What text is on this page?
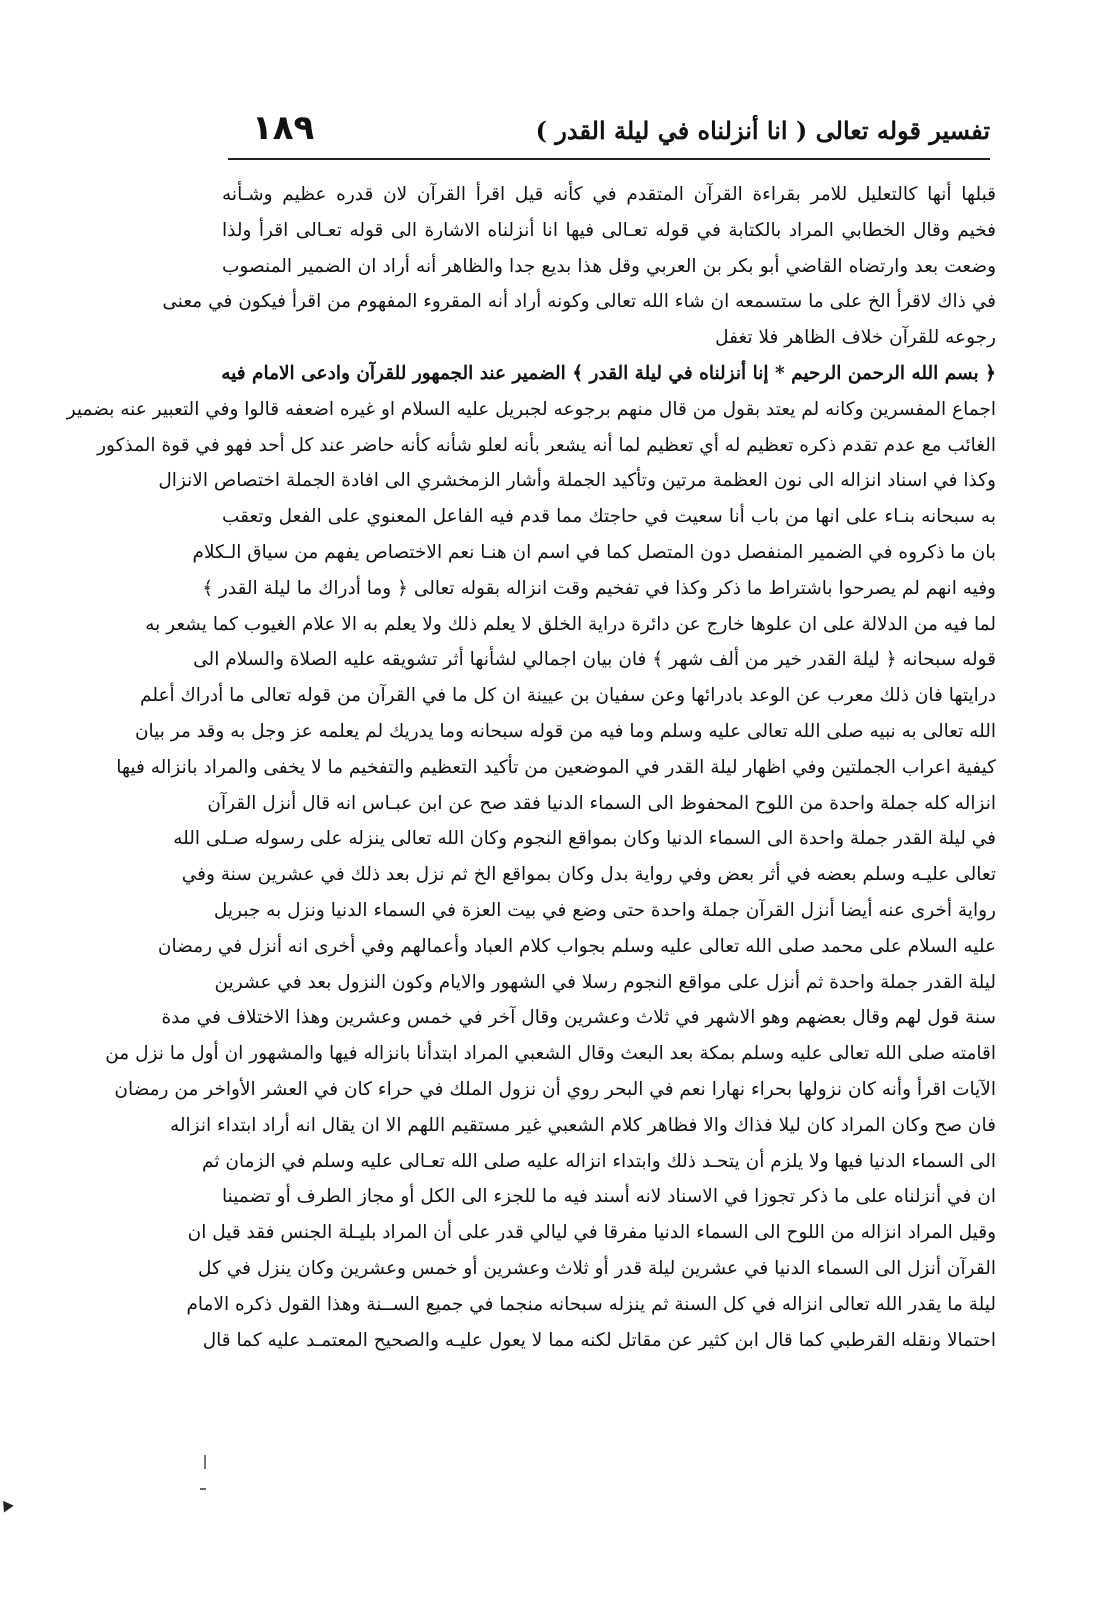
تفسير قوله تعالى ( انا أنزلناه في ليلة القدر )
١٨٩
قبلها أنها كالتعليل للامر بقراءة القرآن المتقدم في كأنه قيل اقرأ القرآن لان قدره عظيم وشـأنه
فخيم وقال الخطابي المراد بالكتابة في قوله تعـالى فيها انا أنزلناه الاشارة الى قوله تعـالى اقرأ ولذا
وضعت بعد وارتضاه القاضي أبو بكر بن العربي وقل هذا بديع جدا والظاهر أنه أراد ان الضمير المنصوب
في ذاك لاقرأ الخ على ما ستسمعه ان شاء الله تعالى وكونه أراد أنه المقروء المفهوم من اقرأ فيكون في معنى
رجوعه للقرآن خلاف الظاهر فلا تغفل
﴿ بسم الله الرحمن الرحيم * إنا أنزلناه في ليلة القدر ﴾ الضمير عند الجمهور للقرآن وادعى الامام فيه
اجماع المفسرين وكانه لم يعتد بقول من قال منهم برجوعه لجبريل عليه السلام او غيره اضعفه قالوا وفي التعبير عنه بضمير
الغائب مع عدم تقدم ذكره تعظيم له أي تعظيم لما أنه يشعر بأنه لعلو شأنه كأنه حاضر عند كل أحد فهو في قوة المذكور
وكذا في اسناد انزاله الى نون العظمة مرتين وتأكيد الجملة وأشار الزمخشري الى افادة الجملة اختصاص الانزال
به سبحانه بنـاء على انها من باب أنا سعيت في حاجتك مما قدم فيه الفاعل المعنوي على الفعل وتعقب
بان ما ذكروه في الضمير المنفصل دون المتصل كما في اسم ان هنـا نعم الاختصاص يفهم من سياق الـكلام
وفيه انهم لم يصرحوا باشتراط ما ذكر وكذا في تفخيم وقت انزاله بقوله تعالى ﴿ وما أدراك ما ليلة القدر ﴾
لما فيه من الدلالة على ان علوها خارج عن دائرة دراية الخلق لا يعلم ذلك ولا يعلم به الا علام الغيوب كما يشعر به
قوله سبحانه ﴿ ليلة القدر خير من ألف شهر ﴾ فان بيان اجمالي لشأنها أثر تشويقه عليه الصلاة والسلام الى
درايتها فان ذلك معرب عن الوعد بادرائها وعن سفيان بن عيينة ان كل ما في القرآن من قوله تعالى ما أدراك أعلم
الله تعالى به نبيه صلى الله تعالى عليه وسلم وما فيه من قوله سبحانه وما يدريك لم يعلمه عز وجل به وقد مر بيان
كيفية اعراب الجملتين وفي اظهار ليلة القدر في الموضعين من تأكيد التعظيم والتفخيم ما لا يخفى والمراد بانزاله فيها
انزاله كله جملة واحدة من اللوح المحفوظ الى السماء الدنيا فقد صح عن ابن عبـاس انه قال أنزل القرآن
في ليلة القدر جملة واحدة الى السماء الدنيا وكان بمواقع النجوم وكان الله تعالى ينزله على رسوله صـلى الله
تعالى عليـه وسلم بعضه في أثر بعض وفي رواية بدل وكان بمواقع الخ ثم نزل بعد ذلك في عشرين سنة وفي
رواية أخرى عنه أيضا أنزل القرآن جملة واحدة حتى وضع في بيت العزة في السماء الدنيا ونزل به جبريل
عليه السلام على محمد صلى الله تعالى عليه وسلم بجواب كلام العباد وأعمالهم وفي أخرى انه أنزل في رمضان
ليلة القدر جملة واحدة ثم أنزل على مواقع النجوم رسلا في الشهور والايام وكون النزول بعد في عشرين
سنة قول لهم وقال بعضهم وهو الاشهر في ثلاث وعشرين وقال آخر في خمس وعشرين وهذا الاختلاف في مدة
اقامته صلى الله تعالى عليه وسلم بمكة بعد البعث وقال الشعبي المراد ابتدأنا بانزاله فيها والمشهور ان أول ما نزل من
الآيات اقرأ وأنه كان نزولها بحراء نهارا نعم في البحر روي أن نزول الملك في حراء كان في العشر الأواخر من رمضان
فان صح وكان المراد كان ليلا فذاك والا فظاهر كلام الشعبي غير مستقيم اللهم الا ان يقال انه أراد ابتداء انزاله
الى السماء الدنيا فيها ولا يلزم أن يتحـد ذلك وابتداء انزاله عليه صلى الله تعـالى عليه وسلم في الزمان ثم
ان في أنزلناه على ما ذكر تجوزا في الاسناد لانه أسند فيه ما للجزء الى الكل أو مجاز الطرف أو تضمينا
وقيل المراد انزاله من اللوح الى السماء الدنيا مفرقا في ليالي قدر على أن المراد بليـلة الجنس فقد قيل ان
القرآن أنزل الى السماء الدنيا في عشرين ليلة قدر أو ثلاث وعشرين أو خمس وعشرين وكان ينزل في كل
ليلة ما يقدر الله تعالى انزاله في كل السنة ثم ينزله سبحانه منجما في جميع الســنة وهذا القول ذكره الامام
احتمالا ونقله القرطبي كما قال ابن كثير عن مقاتل لكنه مما لا يعول عليـه والصحيح المعتمـد عليه كما قال
